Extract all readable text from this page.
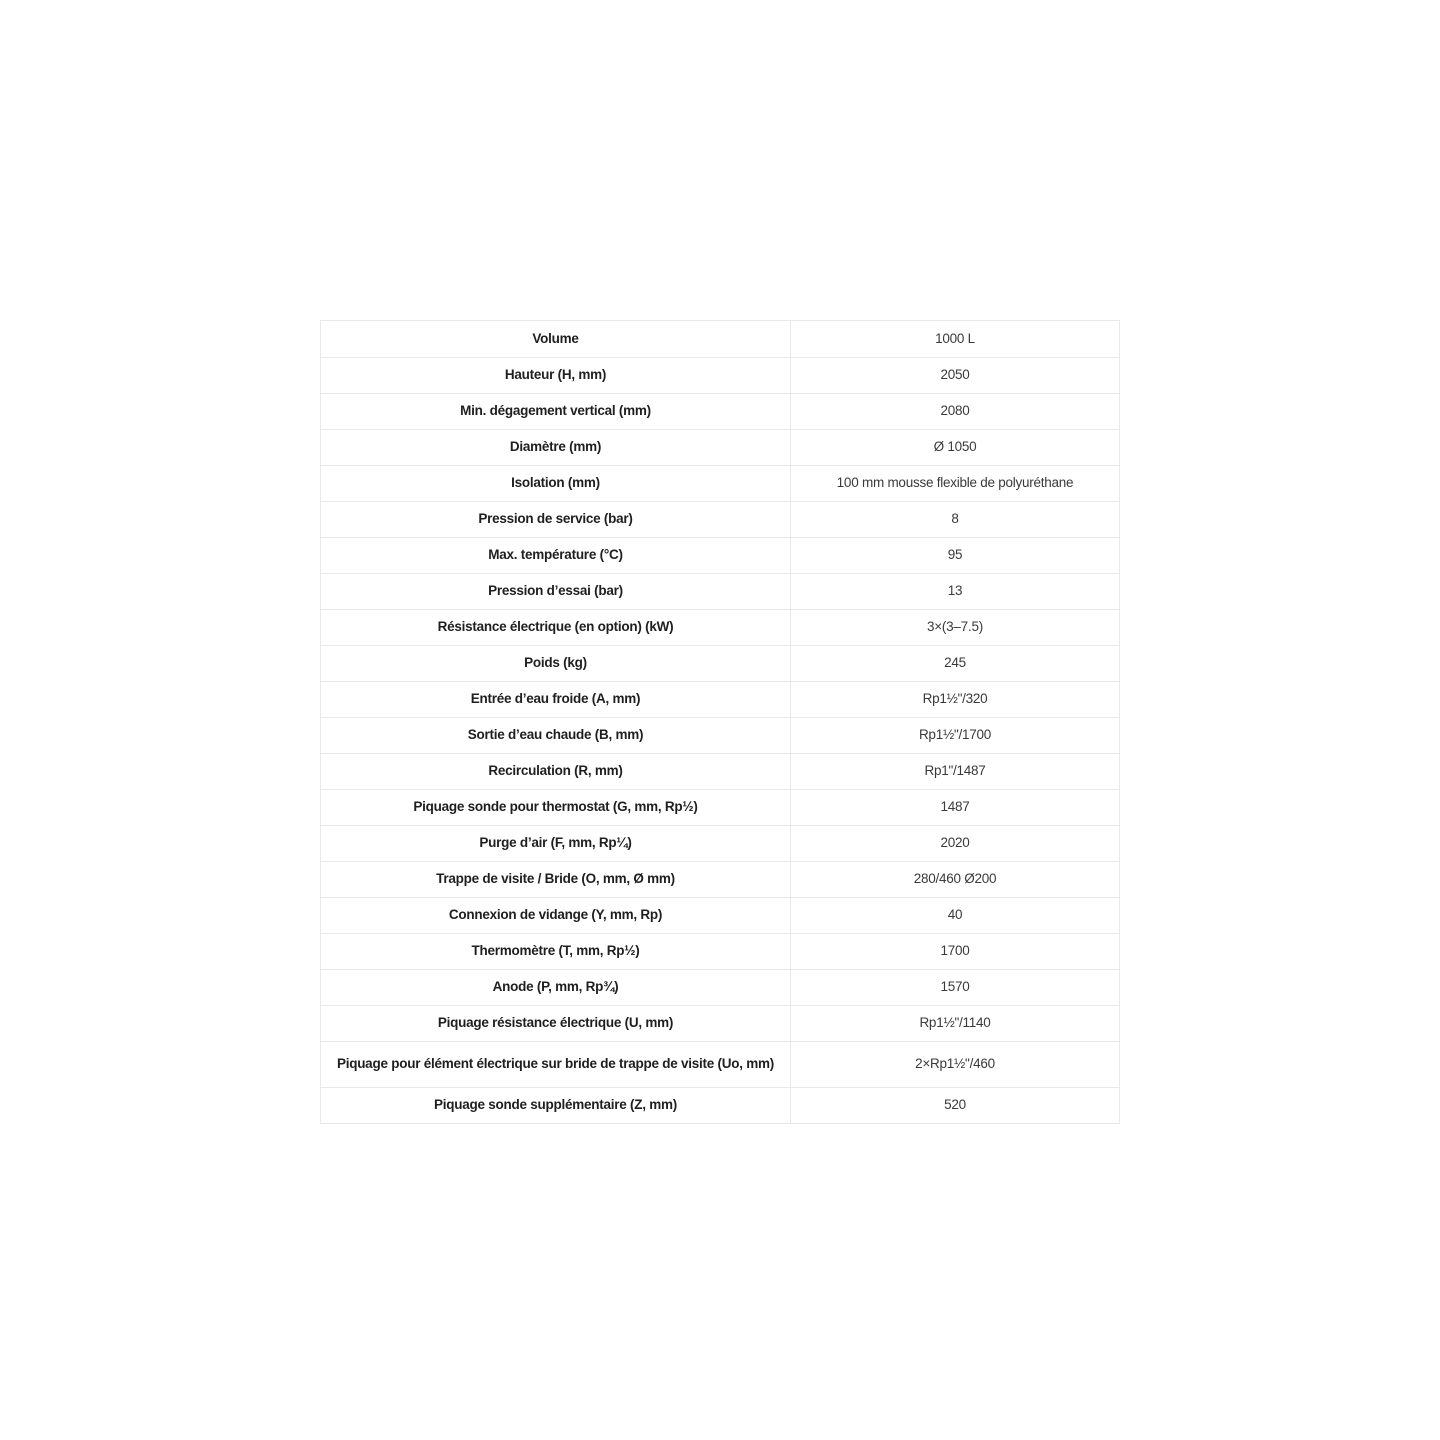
Volume	1000 L
Hauteur (H, mm)	2050
Min. dégagement vertical (mm)	2080
Diamètre (mm)	Ø 1050
Isolation (mm)	100 mm mousse flexible de polyuréthane
Pression de service (bar)	8
Max. température (°C)	95
Pression d’essai (bar)	13
Résistance électrique (en option) (kW)	3×(3–7.5)
Poids (kg)	245
Entrée d’eau froide (A, mm)	Rp1½"/320
Sortie d’eau chaude (B, mm)	Rp1½"/1700
Recirculation (R, mm)	Rp1"/1487
Piquage sonde pour thermostat (G, mm, Rp½)	1487
Purge d’air (F, mm, Rp¼)	2020
Trappe de visite / Bride (O, mm, Ø mm)	280/460 Ø200
Connexion de vidange (Y, mm, Rp)	40
Thermomètre (T, mm, Rp½)	1700
Anode (P, mm, Rp¾)	1570
Piquage résistance électrique (U, mm)	Rp1½"/1140
Piquage pour élément électrique sur bride de trappe de visite (Uo, mm)	2×Rp1½"/460
Piquage sonde supplémentaire (Z, mm)	520
